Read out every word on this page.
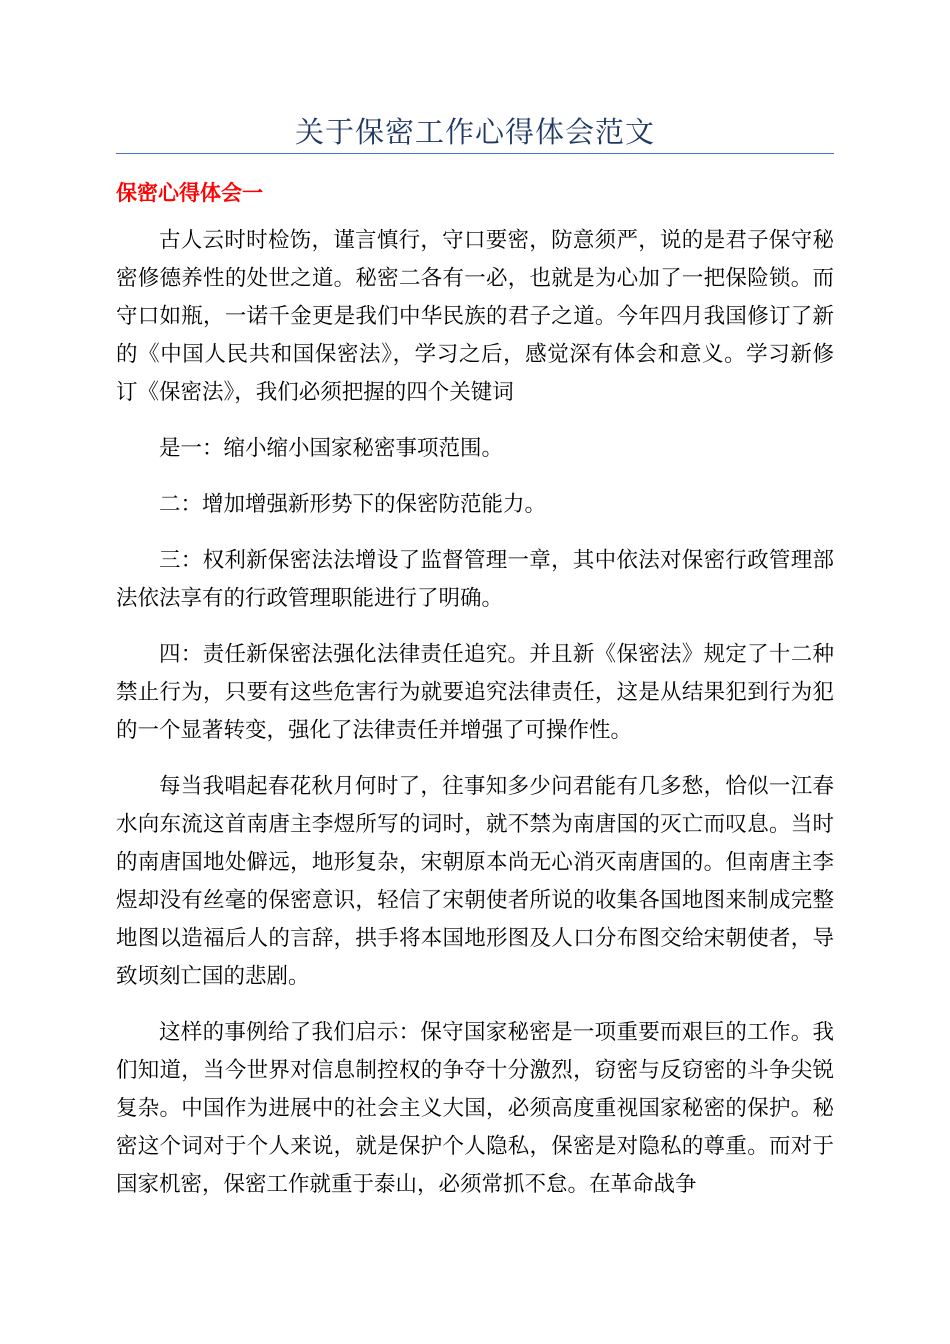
关于保密工作心得体会范文
保密心得体会一

古人云时时检饬，谨言慎行，守口要密，防意须严，说的是君子保守秘密修德养性的处世之道。秘密二各有一必，也就是为心加了一把保险锁。而守口如瓶，一诺千金更是我们中华民族的君子之道。今年四月我国修订了新的《中国人民共和国保密法》，学习之后，感觉深有体会和意义。学习新修订《保密法》，我们必须把握的四个关键词

是一：缩小缩小国家秘密事项范围。

二：增加增强新形势下的保密防范能力。

三：权利新保密法法增设了监督管理一章，其中依法对保密行政管理部法依法享有的行政管理职能进行了明确。

四：责任新保密法强化法律责任追究。并且新《保密法》规定了十二种禁止行为，只要有这些危害行为就要追究法律责任，这是从结果犯到行为犯的一个显著转变，强化了法律责任并增强了可操作性。

每当我唱起春花秋月何时了，往事知多少问君能有几多愁，恰似一江春水向东流这首南唐主李煜所写的词时，就不禁为南唐国的灭亡而叹息。当时的南唐国地处僻远，地形复杂，宋朝原本尚无心消灭南唐国的。但南唐主李煜却没有丝毫的保密意识，轻信了宋朝使者所说的收集各国地图来制成完整地图以造福后人的言辞，拱手将本国地形图及人口分布图交给宋朝使者，导致顷刻亡国的悲剧。

这样的事例给了我们启示：保守国家秘密是一项重要而艰巨的工作。我们知道，当今世界对信息制控权的争夺十分激烈，窃密与反窃密的斗争尖锐复杂。中国作为进展中的社会主义大国，必须高度重视国家秘密的保护。秘密这个词对于个人来说，就是保护个人隐私，保密是对隐私的尊重。而对于国家机密，保密工作就重于泰山，必须常抓不怠。在革命战争
